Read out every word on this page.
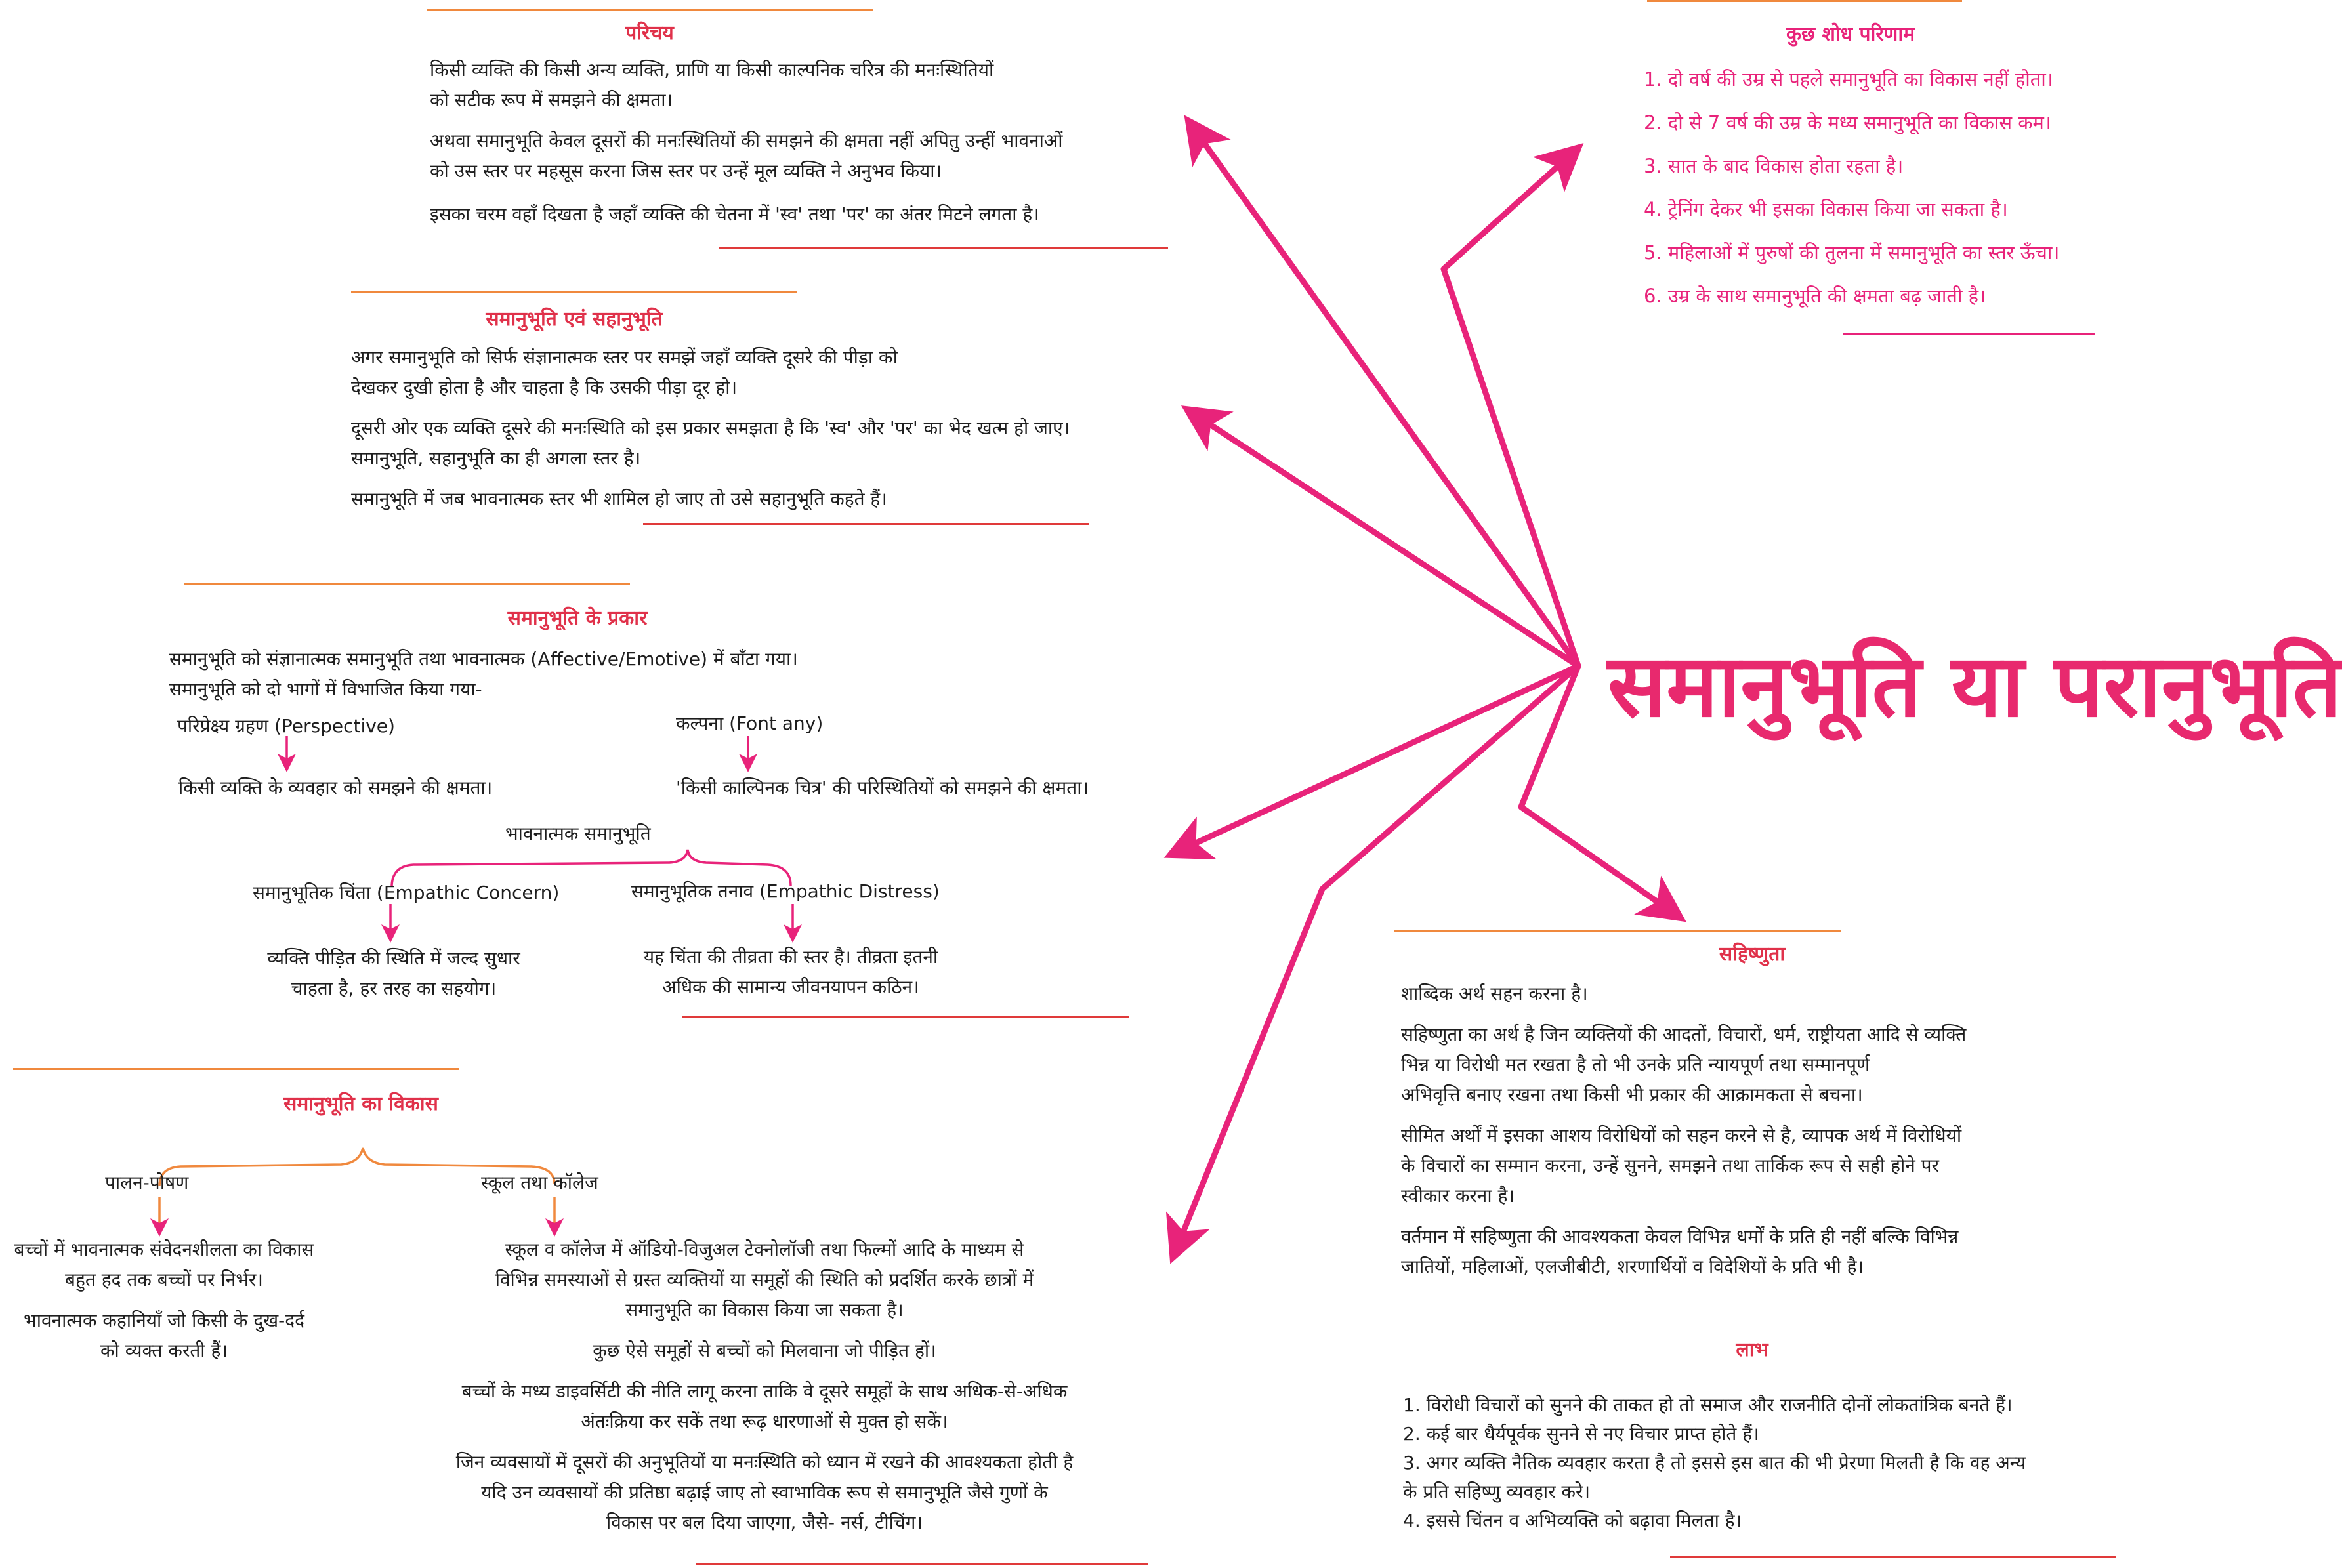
समानुभूति या परानुभूति
परिचय
किसी व्यक्ति की किसी अन्य व्यक्ति, प्राणि या किसी काल्पनिक चरित्र की मनःस्थितियों

को सटीक रूप में समझने की क्षमता।

अथवा समानुभूति केवल दूसरों की मनःस्थितियों की समझने की क्षमता नहीं अपितु उन्हीं भावनाओं

को उस स्तर पर महसूस करना जिस स्तर पर उन्हें मूल व्यक्ति ने अनुभव किया।

इसका चरम वहाँ दिखता है जहाँ व्यक्ति की चेतना में 'स्व' तथा 'पर' का अंतर मिटने लगता है।

समानुभूति एवं सहानुभूति
अगर समानुभूति को सिर्फ संज्ञानात्मक स्तर पर समझें जहाँ व्यक्ति दूसरे की पीड़ा को

देखकर दुखी होता है और चाहता है कि उसकी पीड़ा दूर हो।

दूसरी ओर एक व्यक्ति दूसरे की मनःस्थिति को इस प्रकार समझता है कि 'स्व' और 'पर' का भेद खत्म हो जाए।

समानुभूति, सहानुभूति का ही अगला स्तर है।

समानुभूति में जब भावनात्मक स्तर भी शामिल हो जाए तो उसे सहानुभूति कहते हैं।

समानुभूति के प्रकार
समानुभूति को संज्ञानात्मक समानुभूति तथा भावनात्मक (Affective/Emotive) में बाँटा गया।
समानुभूति को दो भागों में विभाजित किया गया-
परिप्रेक्ष्य ग्रहण (Perspective)	कल्पना (Font any)
किसी व्यक्ति के व्यवहार को समझने की क्षमता।	'किसी काल्पिनक चित्र' की परिस्थितियों को समझने की क्षमता।
भावनात्मक समानुभूति
समानुभूतिक चिंता (Empathic Concern)	समानुभूतिक तनाव (Empathic Distress)
व्यक्ति पीड़ित की स्थिति में जल्द सुधार
चाहता है, हर तरह का सहयोग।
यह चिंता की तीव्रता की स्तर है। तीव्रता इतनी
अधिक की सामान्य जीवनयापन कठिन।
समानुभूति का विकास
पालन-पोषण	स्कूल तथा कॉलेज
बच्चों में भावनात्मक संवेदनशीलता का विकास

बहुत हद तक बच्चों पर निर्भर।

भावनात्मक कहानियाँ जो किसी के दुख-दर्द
को व्यक्त करती हैं।
स्कूल व कॉलेज में ऑडियो-विजुअल टेक्नोलॉजी तथा फिल्मों आदि के माध्यम से
विभिन्न समस्याओं से ग्रस्त व्यक्तियों या समूहों की स्थिति को प्रदर्शित करके छात्रों में

समानुभूति का विकास किया जा सकता है।

कुछ ऐसे समूहों से बच्चों को मिलवाना जो पीड़ित हों।

बच्चों के मध्य डाइवर्सिटी की नीति लागू करना ताकि वे दूसरे समूहों के साथ अधिक-से-अधिक

अंतःक्रिया कर सकें तथा रूढ़ धारणाओं से मुक्त हो सकें।

जिन व्यवसायों में दूसरों की अनुभूतियों या मनःस्थिति को ध्यान में रखने की आवश्यकता होती है
यदि उन व्यवसायों की प्रतिष्ठा बढ़ाई जाए तो स्वाभाविक रूप से समानुभूति जैसे गुणों के
विकास पर बल दिया जाएगा, जैसे- नर्स, टीचिंग।
कुछ शोध परिणाम
1. दो वर्ष की उम्र से पहले समानुभूति का विकास नहीं होता।
2. दो से 7 वर्ष की उम्र के मध्य समानुभूति का विकास कम।
3. सात के बाद विकास होता रहता है।
4. ट्रेनिंग देकर भी इसका विकास किया जा सकता है।
5. महिलाओं में पुरुषों की तुलना में समानुभूति का स्तर ऊँचा।
6. उम्र के साथ समानुभूति की क्षमता बढ़ जाती है।
सहिष्णुता

शाब्दिक अर्थ सहन करना है।

सहिष्णुता का अर्थ है जिन व्यक्तियों की आदतों, विचारों, धर्म, राष्ट्रीयता आदि से व्यक्ति
भिन्न या विरोधी मत रखता है तो भी उनके प्रति न्यायपूर्ण तथा सम्मानपूर्ण

अभिवृत्ति बनाए रखना तथा किसी भी प्रकार की आक्रामकता से बचना।

सीमित अर्थों में इसका आशय विरोधियों को सहन करने से है, व्यापक अर्थ में विरोधियों
के विचारों का सम्मान करना, उन्हें सुनने, समझने तथा तार्किक रूप से सही होने पर

स्वीकार करना है।

वर्तमान में सहिष्णुता की आवश्यकता केवल विभिन्न धर्मों के प्रति ही नहीं बल्कि विभिन्न
जातियों, महिलाओं, एलजीबीटी, शरणार्थियों व विदेशियों के प्रति भी है।
लाभ
1. विरोधी विचारों को सुनने की ताकत हो तो समाज और राजनीति दोनों लोकतांत्रिक बनते हैं।
2. कई बार धैर्यपूर्वक सुनने से नए विचार प्राप्त होते हैं।
3. अगर व्यक्ति नैतिक व्यवहार करता है तो इससे इस बात की भी प्रेरणा मिलती है कि वह अन्य
के प्रति सहिष्णु व्यवहार करे।
4. इससे चिंतन व अभिव्यक्ति को बढ़ावा मिलता है।
